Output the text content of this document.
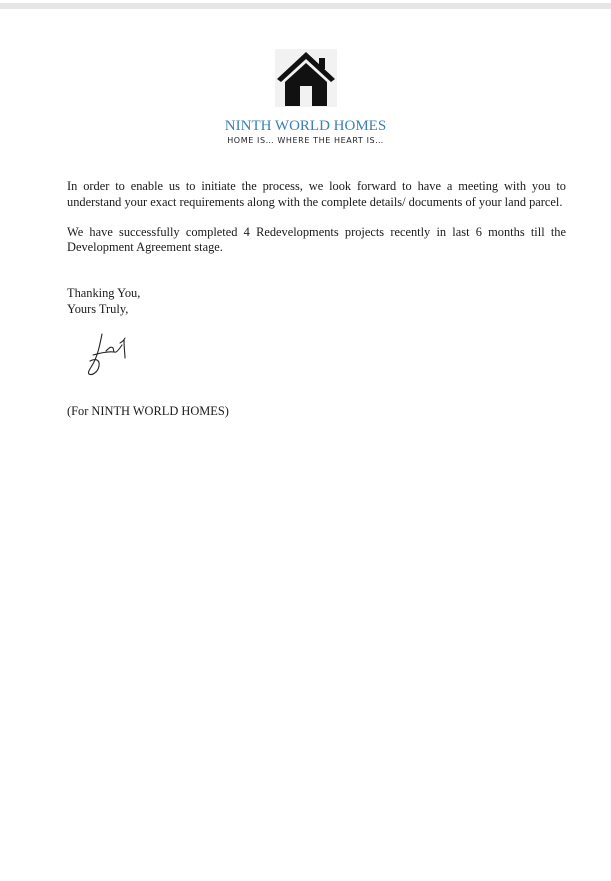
NINTH WORLD HOMES
HOME IS… WHERE THE HEART IS…

In order to enable us to initiate the process, we look forward to have a meeting with you to understand your exact requirements along with the complete details/ documents of your land parcel.

We have successfully completed 4 Redevelopments projects recently in last 6 months till the Development Agreement stage.

Thanking You,
Yours Truly,
(For NINTH WORLD HOMES)
